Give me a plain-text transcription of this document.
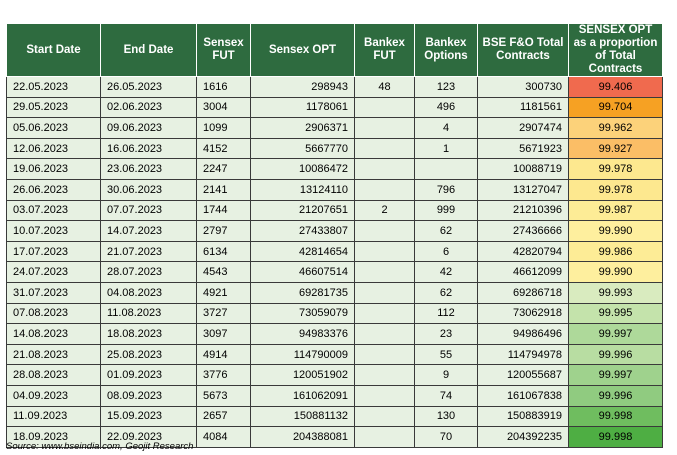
Start Date	End Date	Sensex FUT	Sensex OPT	Bankex FUT	Bankex Options	BSE F&O Total Contracts	SENSEX OPT as a proportion of Total Contracts
22.05.2023	26.05.2023	1616	298943	48	123	300730	99.406
29.05.2023	02.06.2023	3004	1178061		496	1181561	99.704
05.06.2023	09.06.2023	1099	2906371		4	2907474	99.962
12.06.2023	16.06.2023	4152	5667770		1	5671923	99.927
19.06.2023	23.06.2023	2247	10086472			10088719	99.978
26.06.2023	30.06.2023	2141	13124110		796	13127047	99.978
03.07.2023	07.07.2023	1744	21207651	2	999	21210396	99.987
10.07.2023	14.07.2023	2797	27433807		62	27436666	99.990
17.07.2023	21.07.2023	6134	42814654		6	42820794	99.986
24.07.2023	28.07.2023	4543	46607514		42	46612099	99.990
31.07.2023	04.08.2023	4921	69281735		62	69286718	99.993
07.08.2023	11.08.2023	3727	73059079		112	73062918	99.995
14.08.2023	18.08.2023	3097	94983376		23	94986496	99.997
21.08.2023	25.08.2023	4914	114790009		55	114794978	99.996
28.08.2023	01.09.2023	3776	120051902		9	120055687	99.997
04.09.2023	08.09.2023	5673	161062091		74	161067838	99.996
11.09.2023	15.09.2023	2657	150881132		130	150883919	99.998
18.09.2023	22.09.2023	4084	204388081		70	204392235	99.998
Source: www.bseindia.com, Geojit Research
